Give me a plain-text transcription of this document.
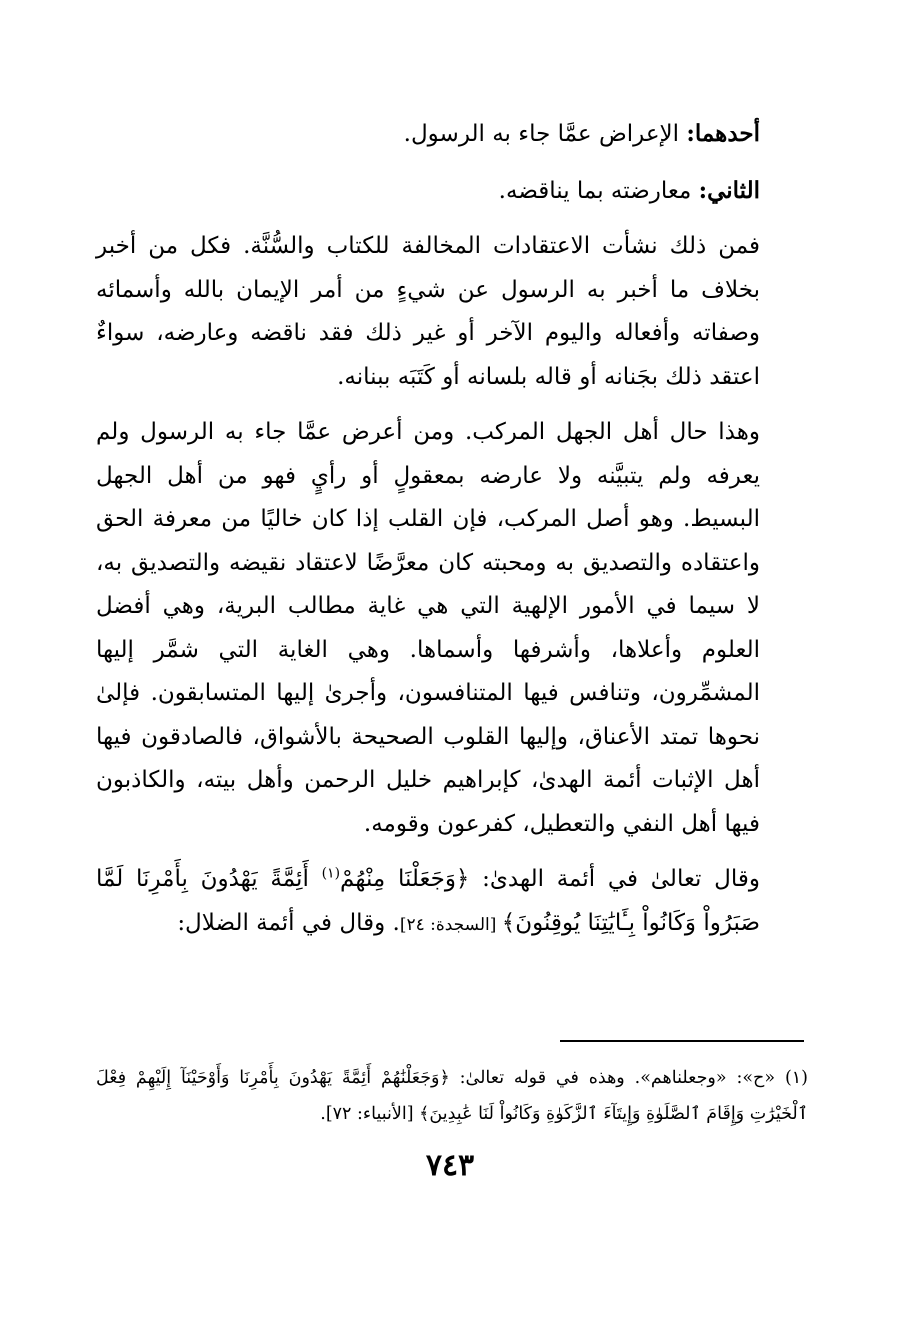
أحدهما: الإعراض عمَّا جاء به الرسول.

الثاني: معارضته بما يناقضه.

فمن ذلك نشأت الاعتقادات المخالفة للكتاب والسُّنَّة. فكل من أخبر بخلاف ما أخبر به الرسول عن شيءٍ من أمر الإيمان بالله وأسمائه وصفاته وأفعاله واليوم الآخر أو غير ذلك فقد ناقضه وعارضه، سواءٌ اعتقد ذلك بجَنانه أو قاله بلسانه أو كَتَبَه ببنانه.

وهذا حال أهل الجهل المركب. ومن أعرض عمَّا جاء به الرسول ولم يعرفه ولم يتبيَّنه ولا عارضه بمعقولٍ أو رأيٍ فهو من أهل الجهل البسيط. وهو أصل المركب، فإن القلب إذا كان خاليًا من معرفة الحق واعتقاده والتصديق به ومحبته كان معرَّضًا لاعتقاد نقيضه والتصديق به، لا سيما في الأمور الإلهية التي هي غاية مطالب البرية، وهي أفضل العلوم وأعلاها، وأشرفها وأسماها. وهي الغاية التي شمَّر إليها المشمِّرون، وتنافس فيها المتنافسون، وأجرىٰ إليها المتسابقون. فإلىٰ نحوها تمتد الأعناق، وإليها القلوب الصحيحة بالأشواق، فالصادقون فيها أهل الإثبات أئمة الهدىٰ، كإبراهيم خليل الرحمن وأهل بيته، والكاذبون فيها أهل النفي والتعطيل، كفرعون وقومه.

وقال تعالىٰ في أئمة الهدىٰ: ﴿وَجَعَلْنَا مِنْهُمْ$^{(١)}$ أَئِمَّةً يَهْدُونَ بِأَمْرِنَا لَمَّا صَبَرُواْ وَكَانُواْ بِـَٔايَٰتِنَا يُوقِنُونَ﴾ [السجدة: ٢٤]. وقال في أئمة الضلال:

(١) «ح»: «وجعلناهم». وهذه في قوله تعالىٰ: ﴿وَجَعَلْنَٰهُمْ أَئِمَّةً يَهْدُونَ بِأَمْرِنَا وَأَوْحَيْنَآ إِلَيْهِمْ فِعْلَ ٱلْخَيْرَٰتِ وَإِقَامَ ٱلصَّلَوٰةِ وَإِيتَآءَ ٱلزَّكَوٰةِ وَكَانُواْ لَنَا عَٰبِدِينَ﴾ [الأنبياء: ٧٢].
٧٤٣
